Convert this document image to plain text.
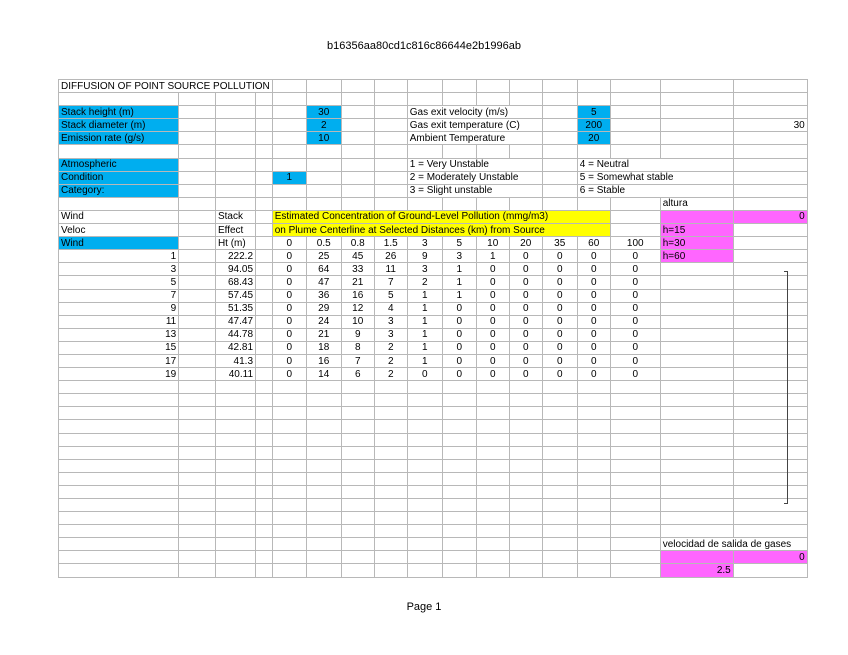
b16356aa80cd1c816c86644e2b1996ab
DIFFUSION OF POINT SOURCE POLLUTION																

Stack height (m)					30			Gas exit velocity (m/s)					5			
Stack diameter (m)					2			Gas exit temperature (C)					200			30
Emission rate (g/s)					10			Ambient Temperature					20			

Atmospheric								1 = Very Unstable					4 = Neutral			
Condition				1				2 = Moderately Unstable					5 = Somewhat stable			
Category:								3 = Slight unstable					6 = Stable			
															altura	
Wind		Stack		Estimated Concentration of Ground-Level Pollution (mmg/m3)												0
Veloc		Effect		on Plume Centerline at Selected Distances (km) from Source											h=15	
Wind		Ht (m)		0	0.5	0.8	1.5	3	5	10	20	35	60	100	h=30	
1		222.2		0	25	45	26	9	3	1	0	0	0	0	h=60	
3		94.05		0	64	33	11	3	1	0	0	0	0	0		
5		68.43		0	47	21	7	2	1	0	0	0	0	0		
7		57.45		0	36	16	5	1	1	0	0	0	0	0		
9		51.35		0	29	12	4	1	0	0	0	0	0	0		
11		47.47		0	24	10	3	1	0	0	0	0	0	0		
13		44.78		0	21	9	3	1	0	0	0	0	0	0		
15		42.81		0	18	8	2	1	0	0	0	0	0	0		
17		41.3		0	16	7	2	1	0	0	0	0	0	0		
19		40.11		0	14	6	2	0	0	0	0	0	0	0		

															velocidad de salida de gases	
																0
															2.5	
Page 1
